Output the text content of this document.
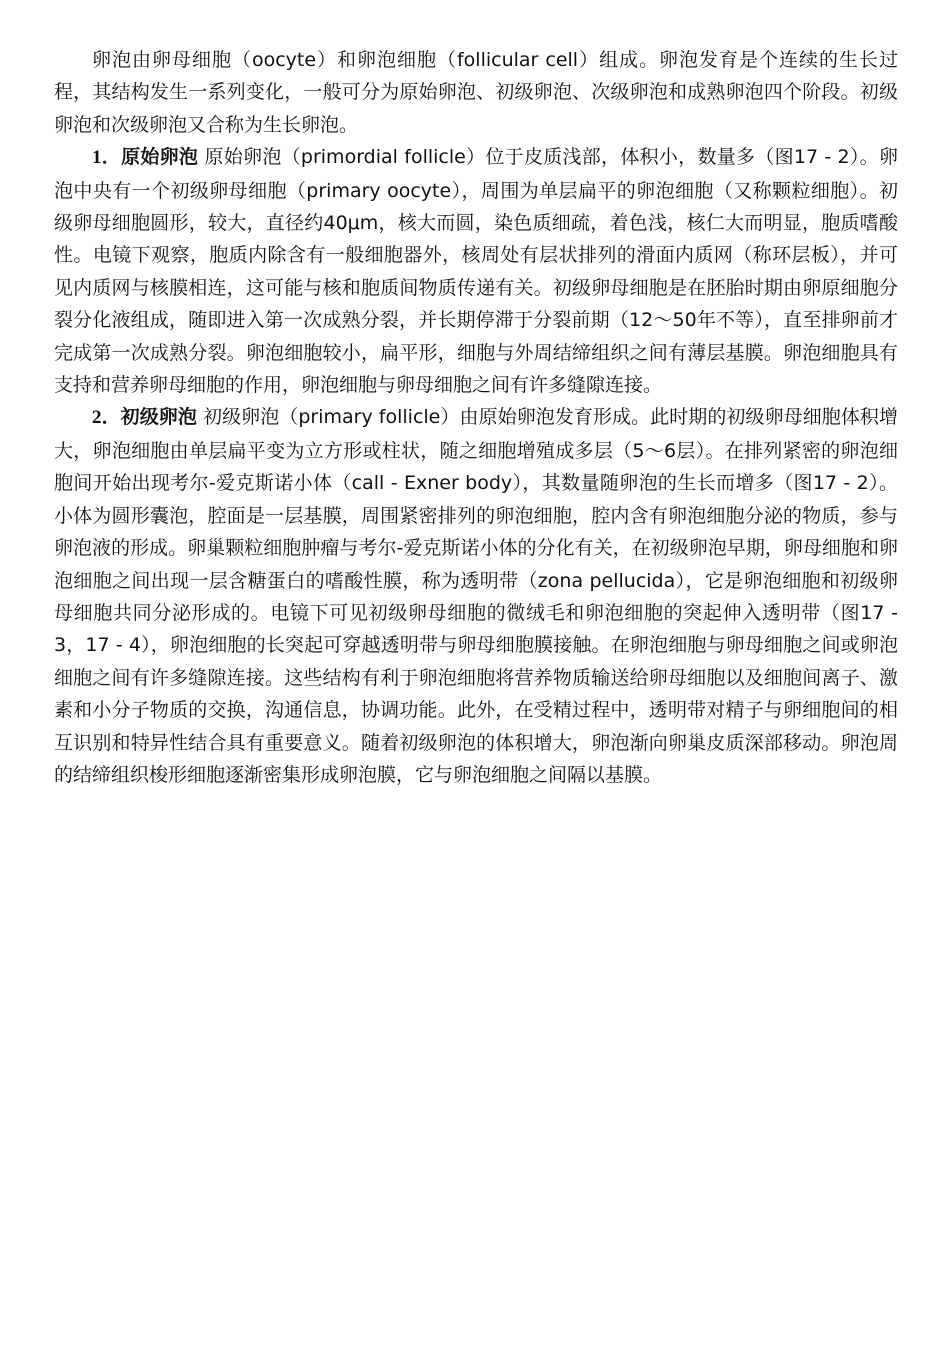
卵泡由卵母细胞（oocyte）和卵泡细胞（follicular cell）组成。卵泡发育是个连续的生长过程，其结构发生一系列变化，一般可分为原始卵泡、初级卵泡、次级卵泡和成熟卵泡四个阶段。初级卵泡和次级卵泡又合称为生长卵泡。

1．原始卵泡 原始卵泡（primordial follicle）位于皮质浅部，体积小，数量多（图17 - 2）。卵泡中央有一个初级卵母细胞（primary oocyte），周围为单层扁平的卵泡细胞（又称颗粒细胞）。初级卵母细胞圆形，较大，直径约40μm，核大而圆，染色质细疏，着色浅，核仁大而明显，胞质嗜酸性。电镜下观察，胞质内除含有一般细胞器外，核周处有层状排列的滑面内质网（称环层板），并可见内质网与核膜相连，这可能与核和胞质间物质传递有关。初级卵母细胞是在胚胎时期由卵原细胞分裂分化液组成，随即进入第一次成熟分裂，并长期停滞于分裂前期（12～50年不等），直至排卵前才完成第一次成熟分裂。卵泡细胞较小，扁平形，细胞与外周结缔组织之间有薄层基膜。卵泡细胞具有支持和营养卵母细胞的作用，卵泡细胞与卵母细胞之间有许多缝隙连接。

2．初级卵泡 初级卵泡（primary follicle）由原始卵泡发育形成。此时期的初级卵母细胞体积增大，卵泡细胞由单层扁平变为立方形或柱状，随之细胞增殖成多层（5～6层）。在排列紧密的卵泡细胞间开始出现考尔-爱克斯诺小体（call - Exner body），其数量随卵泡的生长而增多（图17 - 2）。小体为圆形囊泡，腔面是一层基膜，周围紧密排列的卵泡细胞，腔内含有卵泡细胞分泌的物质，参与卵泡液的形成。卵巢颗粒细胞肿瘤与考尔-爱克斯诺小体的分化有关，在初级卵泡早期，卵母细胞和卵泡细胞之间出现一层含糖蛋白的嗜酸性膜，称为透明带（zona pellucida），它是卵泡细胞和初级卵母细胞共同分泌形成的。电镜下可见初级卵母细胞的微绒毛和卵泡细胞的突起伸入透明带（图17 - 3，17 - 4），卵泡细胞的长突起可穿越透明带与卵母细胞膜接触。在卵泡细胞与卵母细胞之间或卵泡细胞之间有许多缝隙连接。这些结构有利于卵泡细胞将营养物质输送给卵母细胞以及细胞间离子、激素和小分子物质的交换，沟通信息，协调功能。此外，在受精过程中，透明带对精子与卵细胞间的相互识别和特异性结合具有重要意义。随着初级卵泡的体积增大，卵泡渐向卵巢皮质深部移动。卵泡周的结缔组织梭形细胞逐渐密集形成卵泡膜，它与卵泡细胞之间隔以基膜。
